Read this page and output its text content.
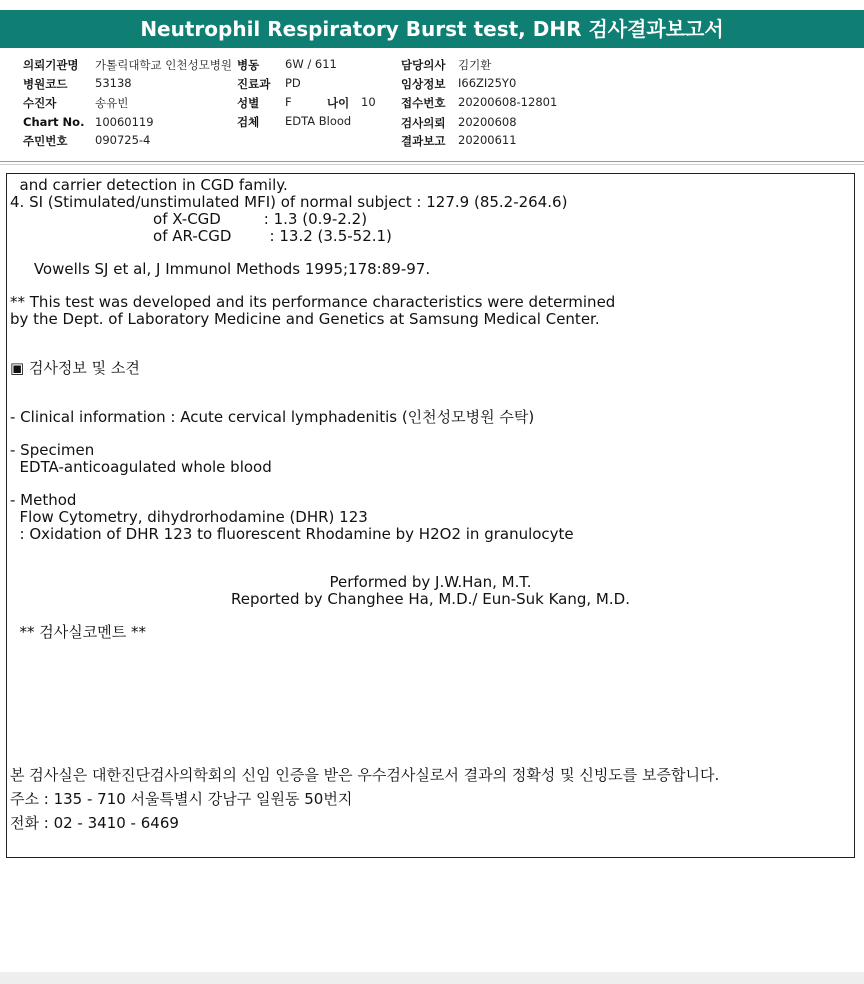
Neutrophil Respiratory Burst test, DHR 검사결과보고서
의뢰기관명 가톨릭대학교 인천성모병원
병원코드 53138
수진자	송유빈
Chart No. 10060119
주민번호 090725-4
병동 6W / 611
진료과 PD
성별 F	나이 10
검체 EDTA Blood
담당의사 김기환
임상정보 I66ZI25Y0
접수번호 20200608-12801
검사의뢰 20200608
결과보고 20200611
and carrier detection in CGD family.
4. SI (Stimulated/unstimulated MFI) of normal subject : 127.9 (85.2-264.6)
of X-CGD         : 1.3 (0.9-2.2)
of AR-CGD        : 13.2 (3.5-52.1)
Vowells SJ et al, J Immunol Methods 1995;178:89-97.
** This test was developed and its performance characteristics were determined
by the Dept. of Laboratory Medicine and Genetics at Samsung Medical Center.
▣ 검사정보 및 소견
- Clinical information : Acute cervical lymphadenitis (인천성모병원 수탁)
- Specimen
EDTA-anticoagulated whole blood
- Method
Flow Cytometry, dihydrorhodamine (DHR) 123
: Oxidation of DHR 123 to fluorescent Rhodamine by H2O2 in granulocyte
Performed by J.W.Han, M.T.
Reported by Changhee Ha, M.D./ Eun-Suk Kang, M.D.
** 검사실코멘트 **
본 검사실은 대한진단검사의학회의 신임 인증을 받은 우수검사실로서 결과의 정확성 및 신빙도를 보증합니다.
주소 : 135 - 710 서울특별시 강남구 일원동 50번지
전화 : 02 - 3410 - 6469
